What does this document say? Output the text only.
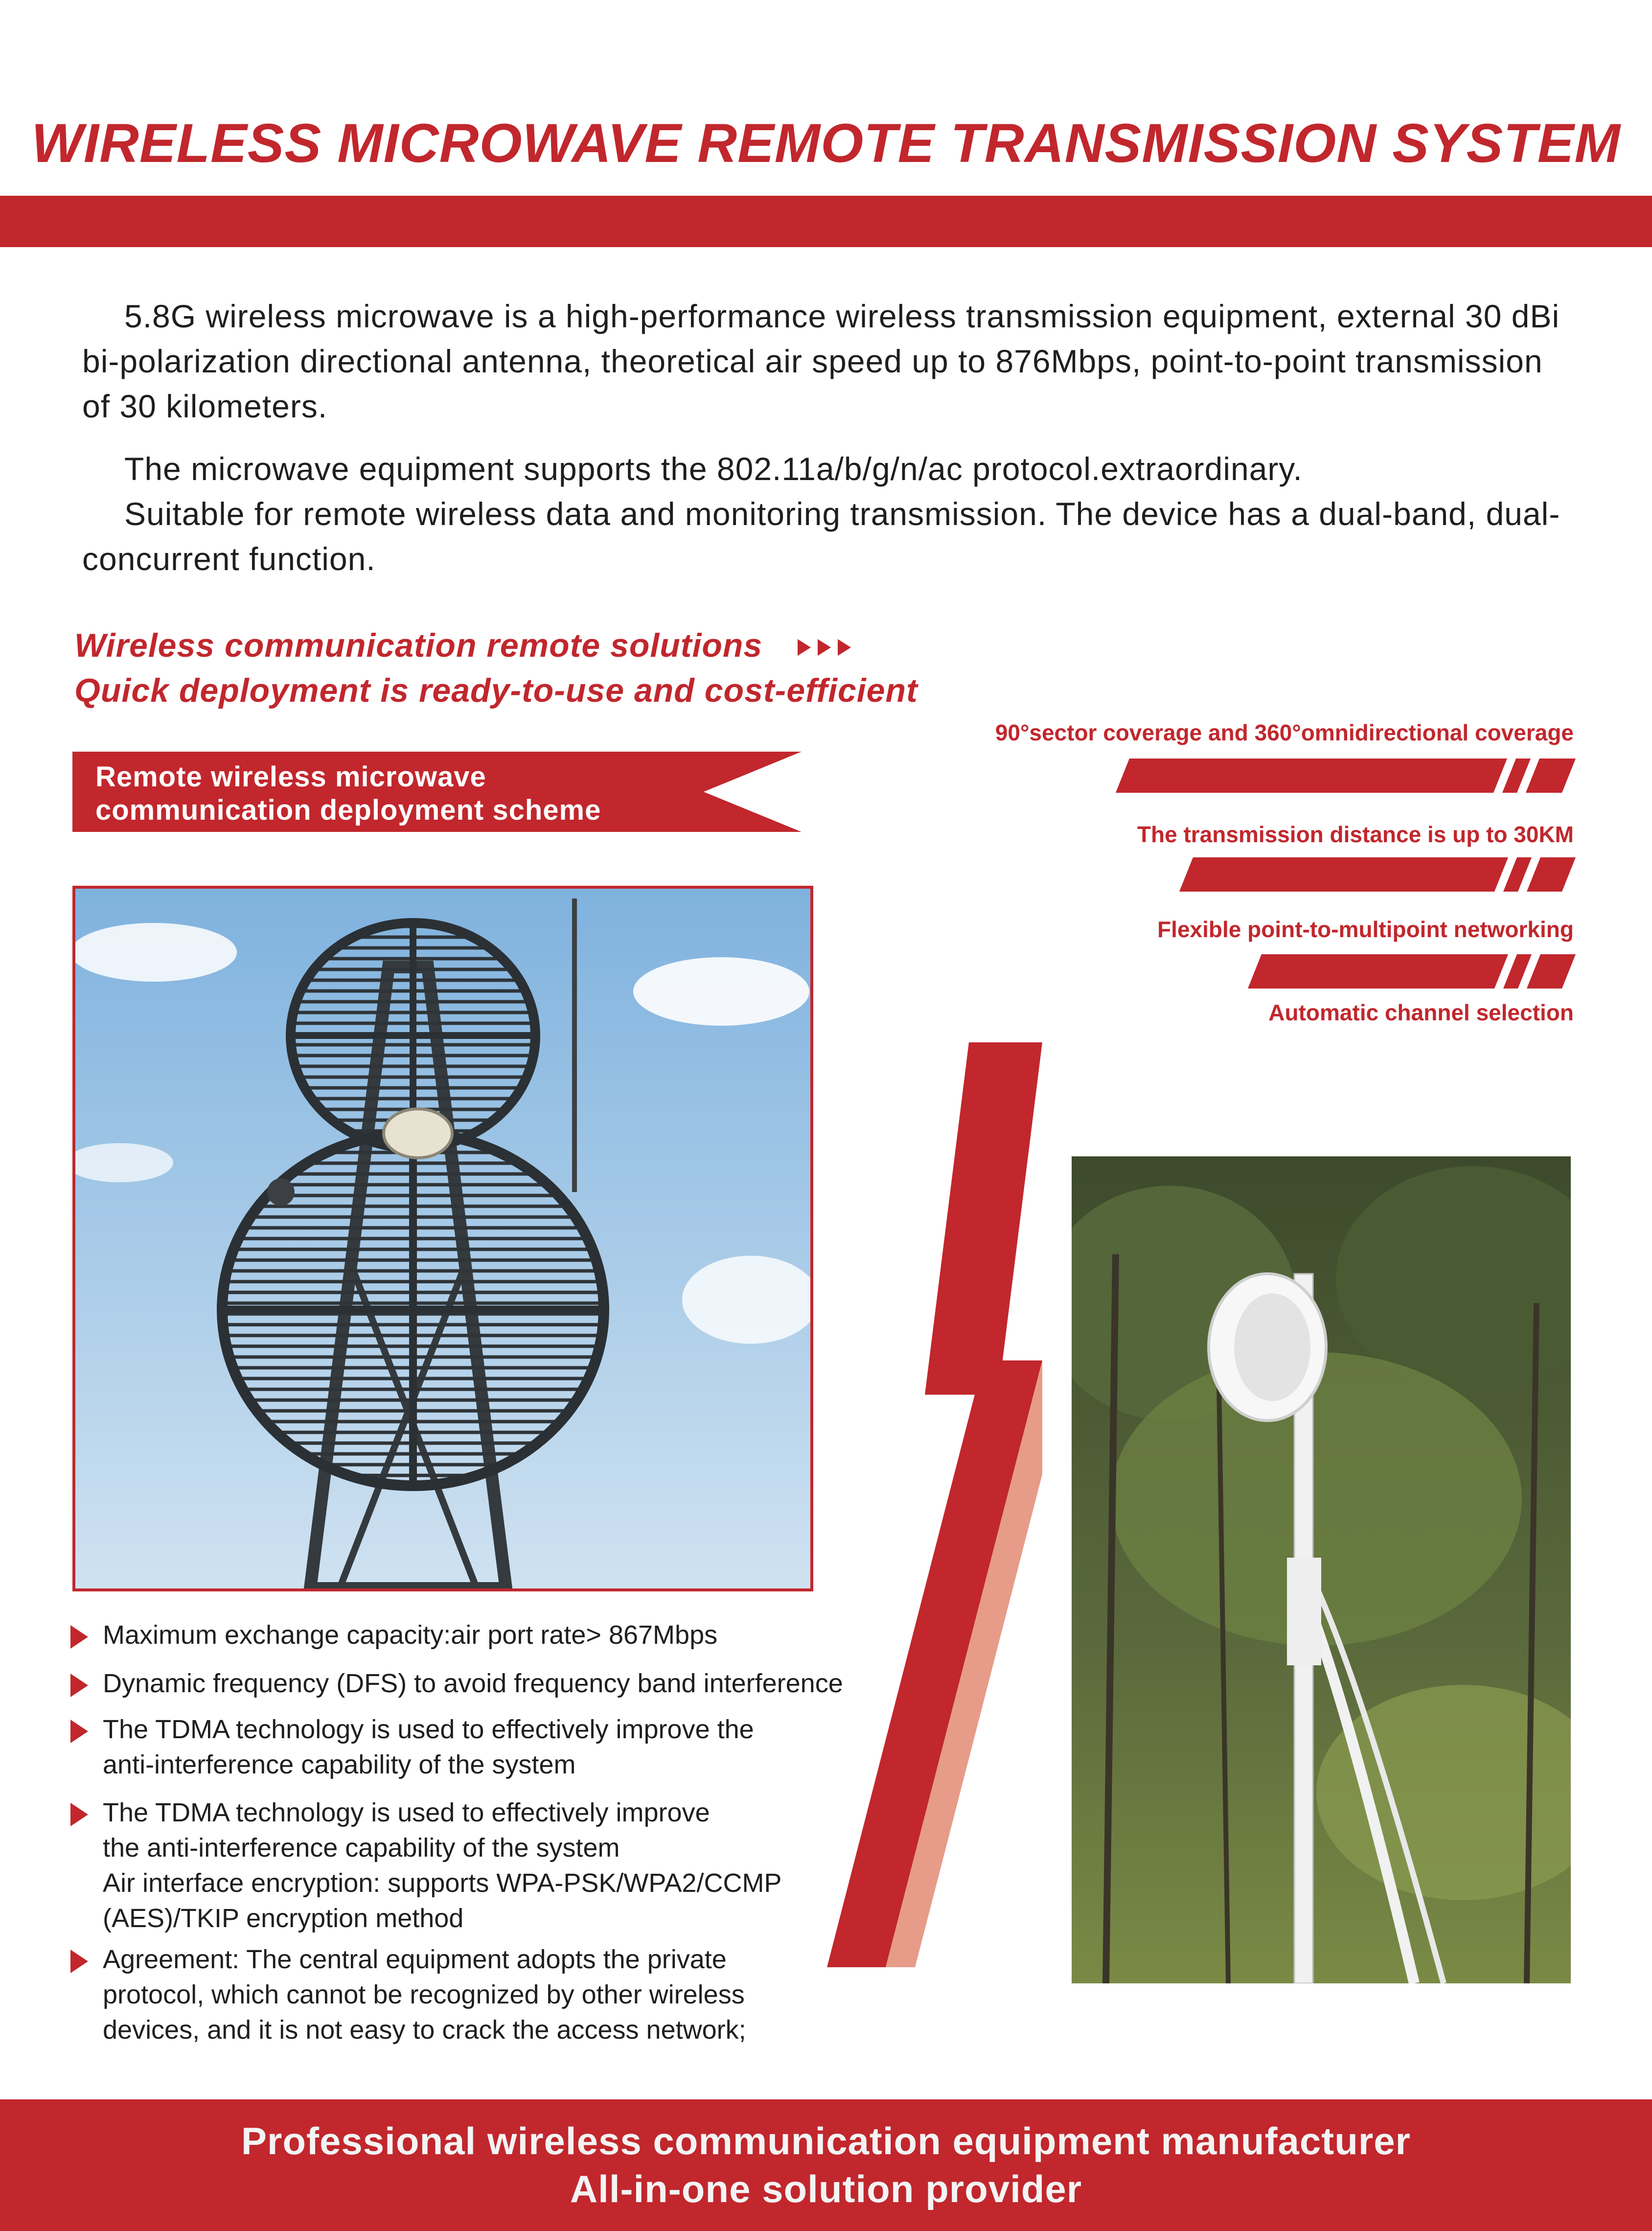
WIRELESS MICROWAVE REMOTE TRANSMISSION SYSTEM
5.8G wireless microwave is a high-performance wireless transmission equipment, external 30 dBi bi-polarization directional antenna, theoretical air speed up to 876Mbps, point-to-point transmission of 30 kilometers.
The microwave equipment supports the 802.11a/b/g/n/ac protocol.extraordinary.
Suitable for remote wireless data and monitoring transmission. The device has a dual-band, dual-concurrent function.
Wireless communication remote solutions
Quick deployment is ready-to-use and cost-efficient
Remote wireless microwave
communication deployment scheme
90°sector coverage and 360°omnidirectional coverage
The transmission distance is up to 30KM
Flexible point-to-multipoint networking
Automatic channel selection

Maximum exchange capacity:air port rate> 867Mbps

Dynamic frequency (DFS) to avoid frequency band interference

The TDMA technology is used to effectively improve the

anti-interference capability of the system

The TDMA technology is used to effectively improve

the anti-interference capability of the system

Air interface encryption: supports WPA-PSK/WPA2/CCMP

(AES)/TKIP encryption method

Agreement: The central equipment adopts the private

protocol, which cannot be recognized by other wireless

devices, and it is not easy to crack the access network;

Professional wireless communication equipment manufacturer
All-in-one solution provider
